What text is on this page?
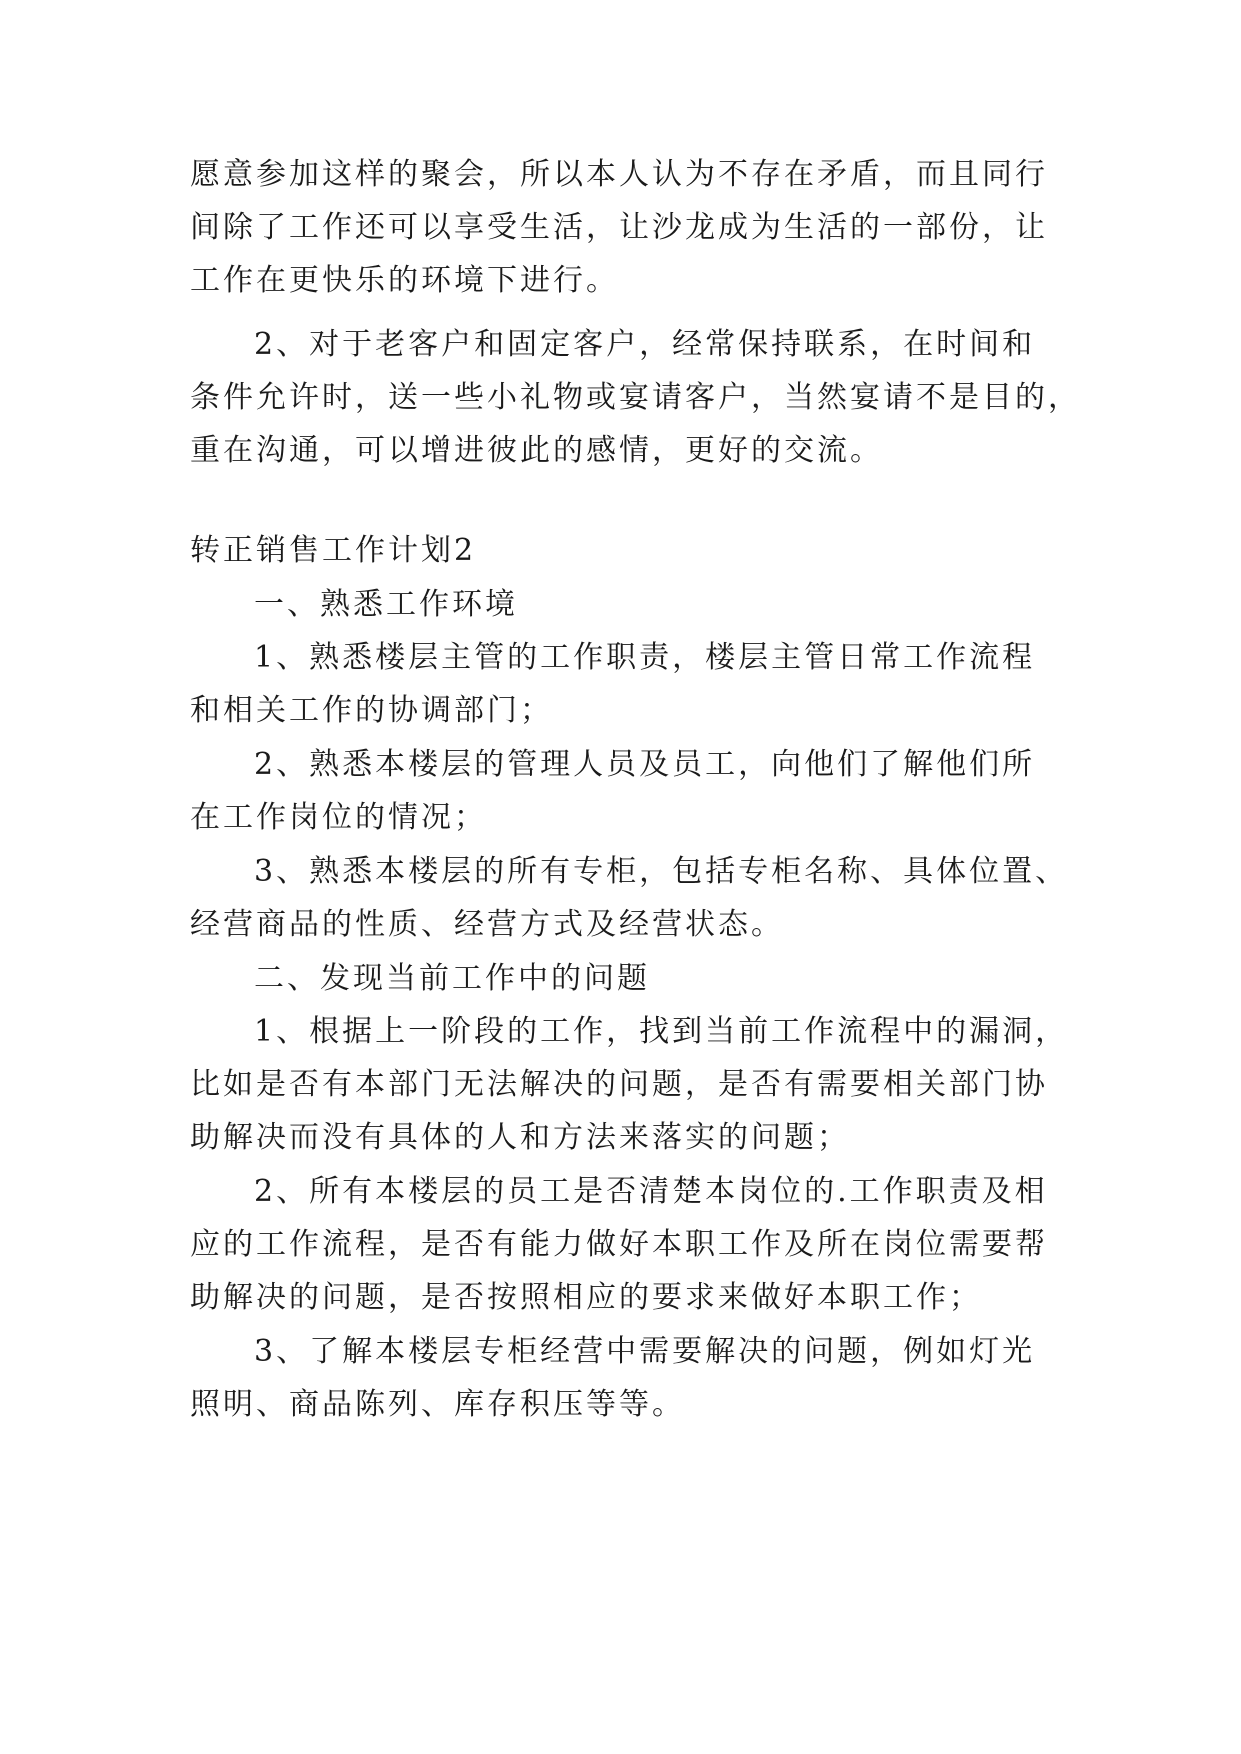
愿意参加这样的聚会，所以本人认为不存在矛盾，而且同行
间除了工作还可以享受生活，让沙龙成为生活的一部份，让
工作在更快乐的环境下进行。
2、对于老客户和固定客户，经常保持联系，在时间和
条件允许时，送一些小礼物或宴请客户，当然宴请不是目的，
重在沟通，可以增进彼此的感情，更好的交流。
转正销售工作计划2
一、熟悉工作环境
1、熟悉楼层主管的工作职责，楼层主管日常工作流程
和相关工作的协调部门；
2、熟悉本楼层的管理人员及员工，向他们了解他们所
在工作岗位的情况；
3、熟悉本楼层的所有专柜，包括专柜名称、具体位置、
经营商品的性质、经营方式及经营状态。
二、发现当前工作中的问题
1、根据上一阶段的工作，找到当前工作流程中的漏洞，
比如是否有本部门无法解决的问题，是否有需要相关部门协
助解决而没有具体的人和方法来落实的问题；
2、所有本楼层的员工是否清楚本岗位的.工作职责及相
应的工作流程，是否有能力做好本职工作及所在岗位需要帮
助解决的问题，是否按照相应的要求来做好本职工作；
3、了解本楼层专柜经营中需要解决的问题，例如灯光
照明、商品陈列、库存积压等等。
